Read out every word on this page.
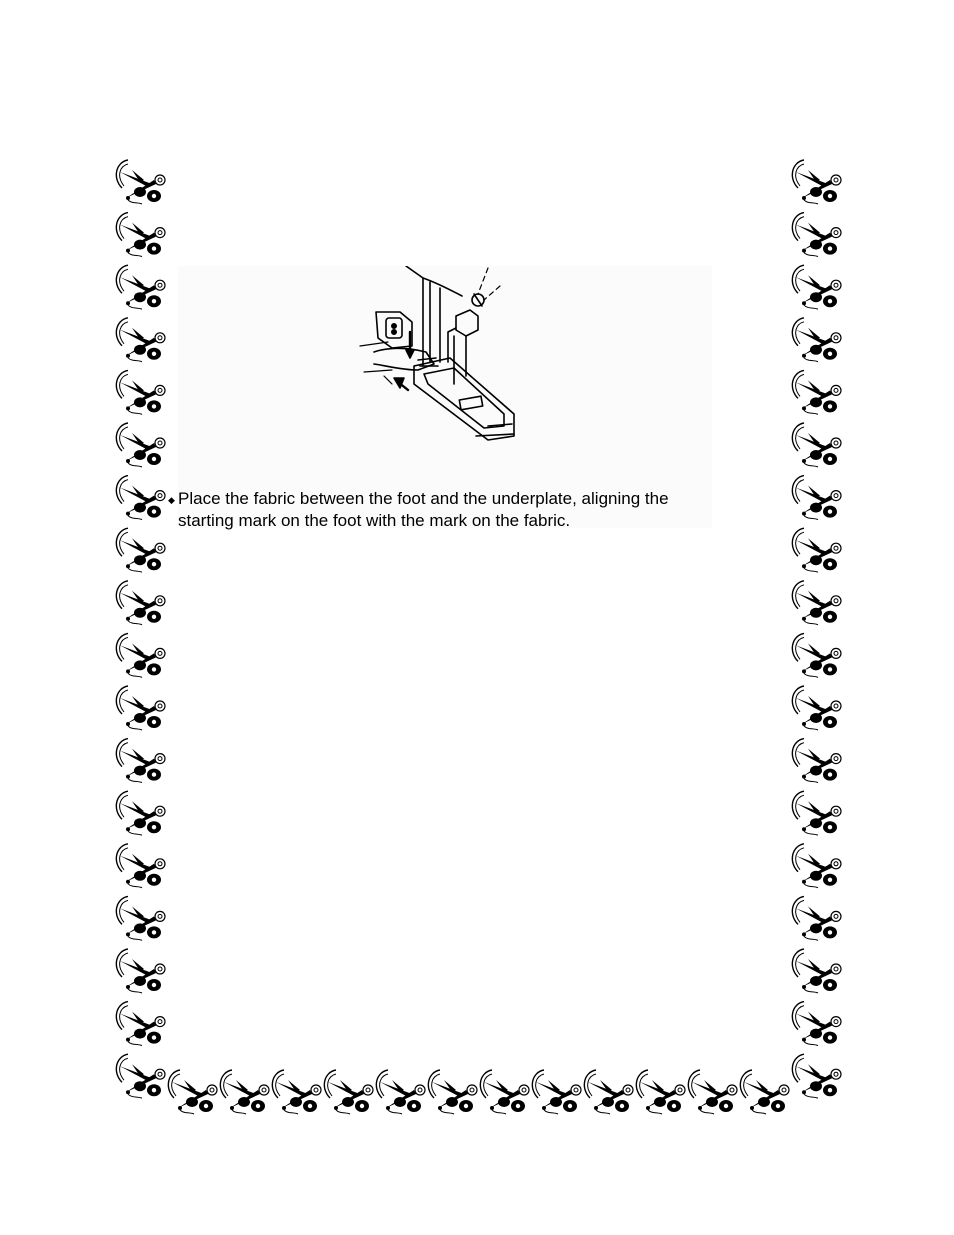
◆ Place the fabric between the foot and the underplate, aligning the starting mark on the foot with the mark on the fabric.
